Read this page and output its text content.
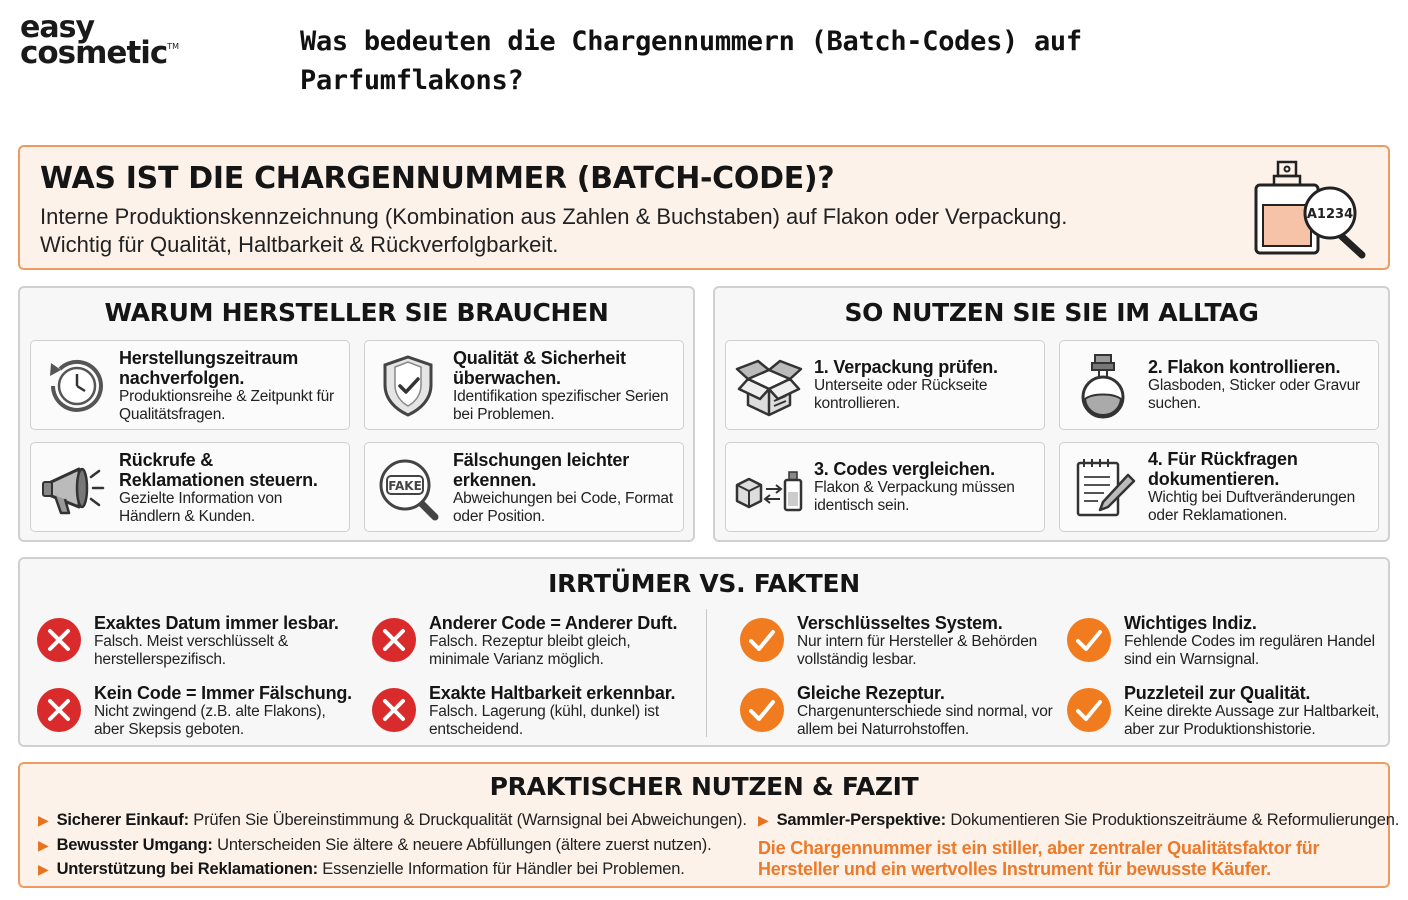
easy
cosmetic™	Was bedeuten die Chargennummern (Batch-Codes) auf Parfumflakons?
WAS IST DIE CHARGENNUMMER (BATCH-CODE)?
Interne Produktionskennzeichnung (Kombination aus Zahlen & Buchstaben) auf Flakon oder Verpackung.
Wichtig für Qualität, Haltbarkeit & Rückverfolgbarkeit.
A1234
WARUM HERSTELLER SIE BRAUCHEN
Herstellungszeitraum nachverfolgen.
Produktionsreihe & Zeitpunkt für Qualitätsfragen.
Qualität & Sicherheit überwachen.
Identifikation spezifischer Serien bei Problemen.
Rückrufe & Reklamationen steuern.
Gezielte Information von Händlern & Kunden.
FAKE
Fälschungen leichter erkennen.
Abweichungen bei Code, Format oder Position.
SO NUTZEN SIE SIE IM ALLTAG
1. Verpackung prüfen.
Unterseite oder Rückseite kontrollieren.
2. Flakon kontrollieren.
Glasboden, Sticker oder Gravur suchen.
3. Codes vergleichen.
Flakon & Verpackung müssen identisch sein.
4. Für Rückfragen dokumentieren.
Wichtig bei Duftveränderungen oder Reklamationen.
IRRTÜMER VS. FAKTEN
Exaktes Datum immer lesbar.
Falsch. Meist verschlüsselt & herstellerspezifisch.
Anderer Code = Anderer Duft.
Falsch. Rezeptur bleibt gleich, minimale Varianz möglich.
Kein Code = Immer Fälschung.
Nicht zwingend (z.B. alte Flakons), aber Skepsis geboten.
Exakte Haltbarkeit erkennbar.
Falsch. Lagerung (kühl, dunkel) ist entscheidend.
Verschlüsseltes System.
Nur intern für Hersteller & Behörden vollständig lesbar.
Wichtiges Indiz.
Fehlende Codes im regulären Handel sind ein Warnsignal.
Gleiche Rezeptur.
Chargenunterschiede sind normal, vor allem bei Naturrohstoffen.
Puzzleteil zur Qualität.
Keine direkte Aussage zur Haltbarkeit, aber zur Produktionshistorie.
PRAKTISCHER NUTZEN & FAZIT
▶ Sicherer Einkauf: Prüfen Sie Übereinstimmung & Druckqualität (Warnsignal bei Abweichungen).
▶ Bewusster Umgang: Unterscheiden Sie ältere & neuere Abfüllungen (ältere zuerst nutzen).
▶ Unterstützung bei Reklamationen: Essenzielle Information für Händler bei Problemen.
▶ Sammler-Perspektive: Dokumentieren Sie Produktionszeiträume & Reformulierungen.
Die Chargennummer ist ein stiller, aber zentraler Qualitätsfaktor für Hersteller und ein wertvolles Instrument für bewusste Käufer.
